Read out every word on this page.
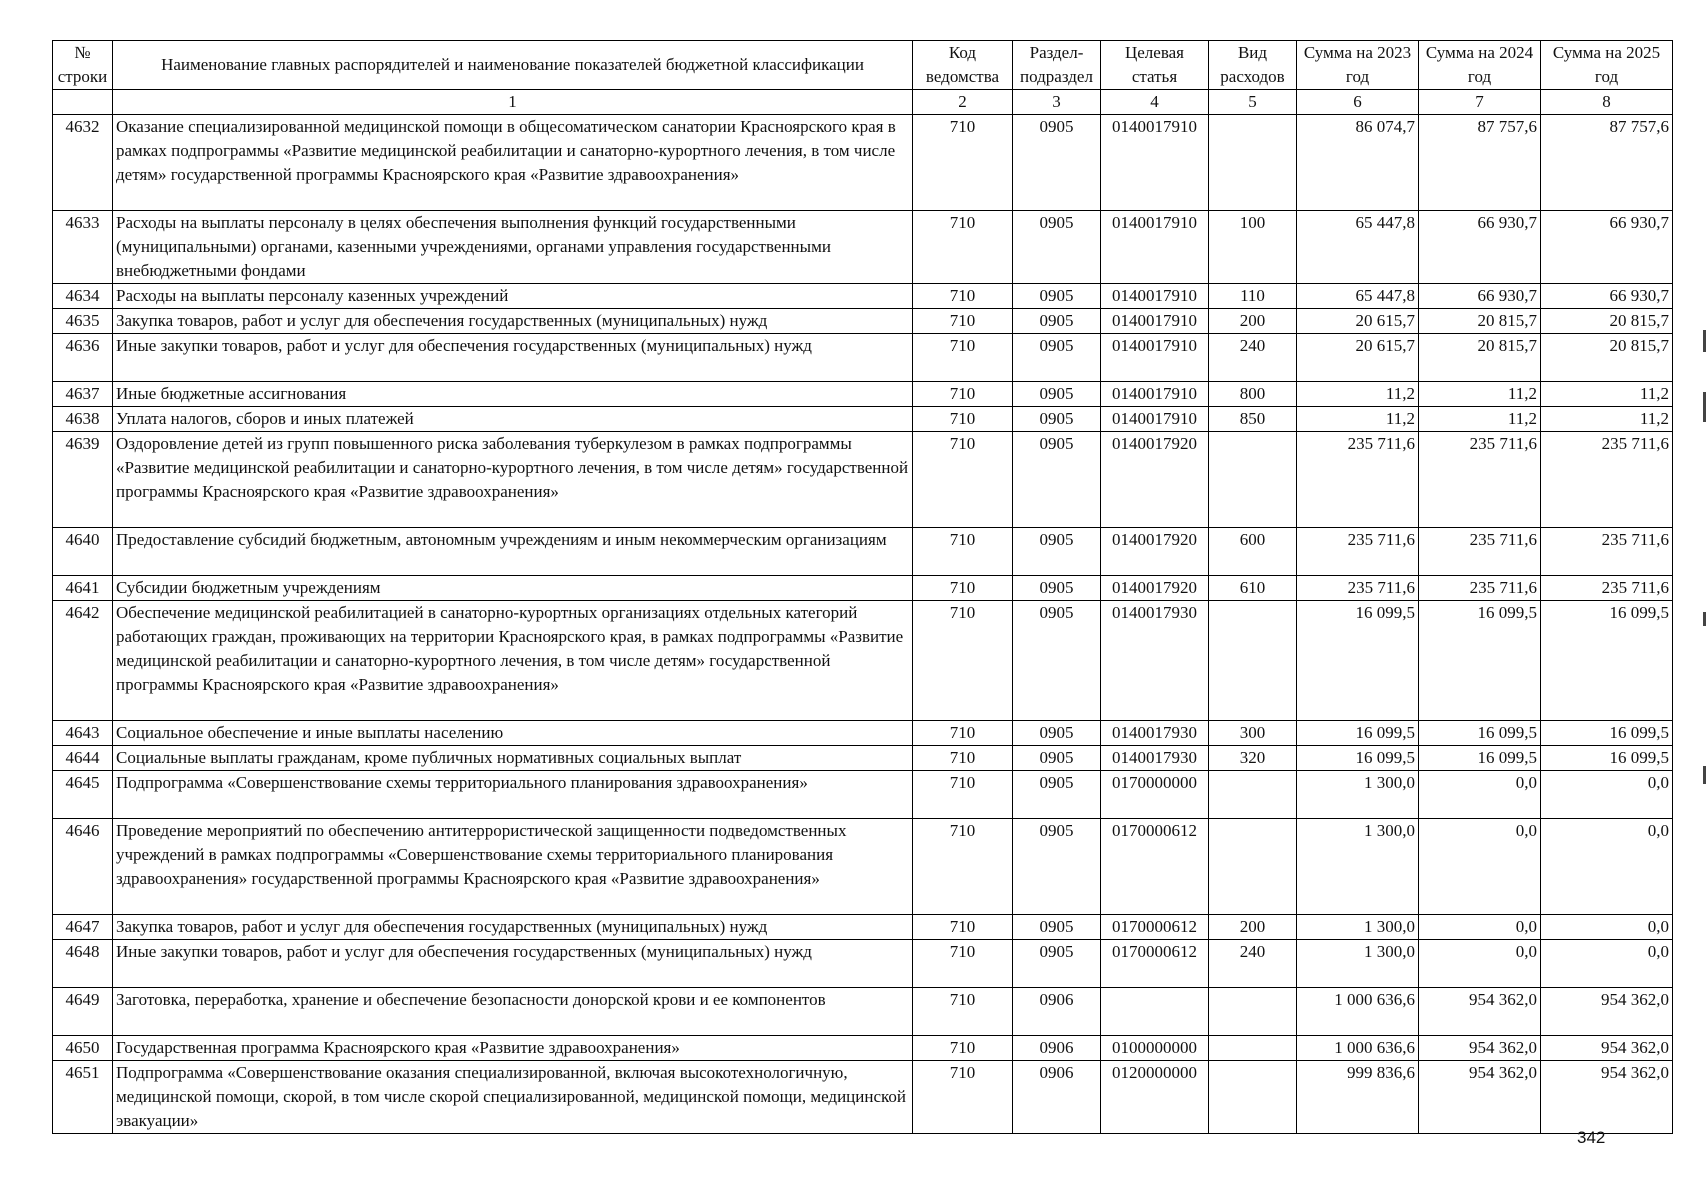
№ строки	Наименование главных распорядителей и наименование показателей бюджетной классификации	Код ведомства	Раздел-подраздел	Целевая статья	Вид расходов	Сумма на 2023 год	Сумма на 2024 год	Сумма на 2025 год
	1	2	3	4	5	6	7	8
4632	Оказание специализированной медицинской помощи в общесоматическом санатории Красноярского края в рамках подпрограммы «Развитие медицинской реабилитации и санаторно-курортного лечения, в том числе детям» государственной программы Красноярского края «Развитие здравоохранения»	710	0905	0140017910		86 074,7	87 757,6	87 757,6
4633	Расходы на выплаты персоналу в целях обеспечения выполнения функций государственными (муниципальными) органами, казенными учреждениями, органами управления государственными внебюджетными фондами	710	0905	0140017910	100	65 447,8	66 930,7	66 930,7
4634	Расходы на выплаты персоналу казенных учреждений	710	0905	0140017910	110	65 447,8	66 930,7	66 930,7
4635	Закупка товаров, работ и услуг для обеспечения государственных (муниципальных) нужд	710	0905	0140017910	200	20 615,7	20 815,7	20 815,7
4636	Иные закупки товаров, работ и услуг для обеспечения государственных (муниципальных) нужд	710	0905	0140017910	240	20 615,7	20 815,7	20 815,7
4637	Иные бюджетные ассигнования	710	0905	0140017910	800	11,2	11,2	11,2
4638	Уплата налогов, сборов и иных платежей	710	0905	0140017910	850	11,2	11,2	11,2
4639	Оздоровление детей из групп повышенного риска заболевания туберкулезом в рамках подпрограммы «Развитие медицинской реабилитации и санаторно-курортного лечения, в том числе детям» государственной программы Красноярского края «Развитие здравоохранения»	710	0905	0140017920		235 711,6	235 711,6	235 711,6
4640	Предоставление субсидий бюджетным, автономным учреждениям и иным некоммерческим организациям	710	0905	0140017920	600	235 711,6	235 711,6	235 711,6
4641	Субсидии бюджетным учреждениям	710	0905	0140017920	610	235 711,6	235 711,6	235 711,6
4642	Обеспечение медицинской реабилитацией в санаторно-курортных организациях отдельных категорий работающих граждан, проживающих на территории Красноярского края, в рамках подпрограммы «Развитие медицинской реабилитации и санаторно-курортного лечения, в том числе детям» государственной программы Красноярского края «Развитие здравоохранения»	710	0905	0140017930		16 099,5	16 099,5	16 099,5
4643	Социальное обеспечение и иные выплаты населению	710	0905	0140017930	300	16 099,5	16 099,5	16 099,5
4644	Социальные выплаты гражданам, кроме публичных нормативных социальных выплат	710	0905	0140017930	320	16 099,5	16 099,5	16 099,5
4645	Подпрограмма «Совершенствование схемы территориального планирования здравоохранения»	710	0905	0170000000		1 300,0	0,0	0,0
4646	Проведение мероприятий по обеспечению антитеррористической защищенности подведомственных учреждений в рамках подпрограммы «Совершенствование схемы территориального планирования здравоохранения» государственной программы Красноярского края «Развитие здравоохранения»	710	0905	0170000612		1 300,0	0,0	0,0
4647	Закупка товаров, работ и услуг для обеспечения государственных (муниципальных) нужд	710	0905	0170000612	200	1 300,0	0,0	0,0
4648	Иные закупки товаров, работ и услуг для обеспечения государственных (муниципальных) нужд	710	0905	0170000612	240	1 300,0	0,0	0,0
4649	Заготовка, переработка, хранение и обеспечение безопасности донорской крови и ее компонентов	710	0906			1 000 636,6	954 362,0	954 362,0
4650	Государственная программа Красноярского края «Развитие здравоохранения»	710	0906	0100000000		1 000 636,6	954 362,0	954 362,0
4651	Подпрограмма «Совершенствование оказания специализированной, включая высокотехнологичную, медицинской помощи, скорой, в том числе скорой специализированной, медицинской помощи, медицинской эвакуации»	710	0906	0120000000		999 836,6	954 362,0	954 362,0
342
